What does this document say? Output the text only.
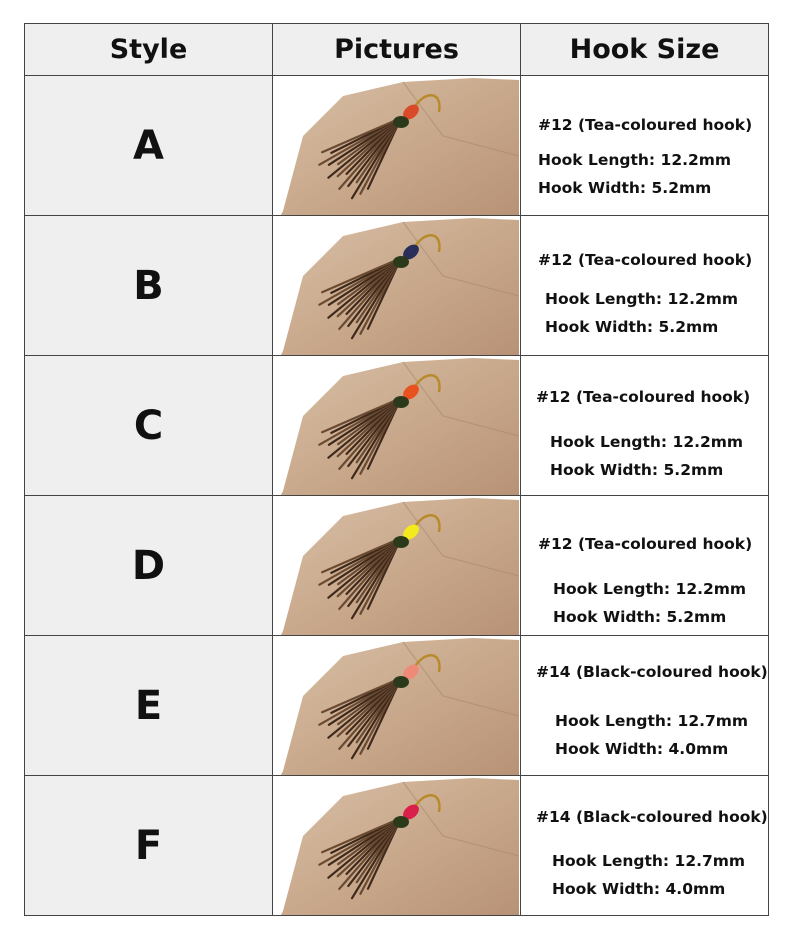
Style	Pictures	Hook Size
A		#12 (Tea-coloured hook)
Hook Length: 12.2mm
Hook Width: 5.2mm

B		#12 (Tea-coloured hook)
Hook Length: 12.2mm
Hook Width: 5.2mm

C		#12 (Tea-coloured hook)
Hook Length: 12.2mm
Hook Width: 5.2mm

D		#12 (Tea-coloured hook)
Hook Length: 12.2mm
Hook Width: 5.2mm

E		#14 (Black-coloured hook)
Hook Length: 12.7mm
Hook Width: 4.0mm

F		#14 (Black-coloured hook)
Hook Length: 12.7mm
Hook Width: 4.0mm
